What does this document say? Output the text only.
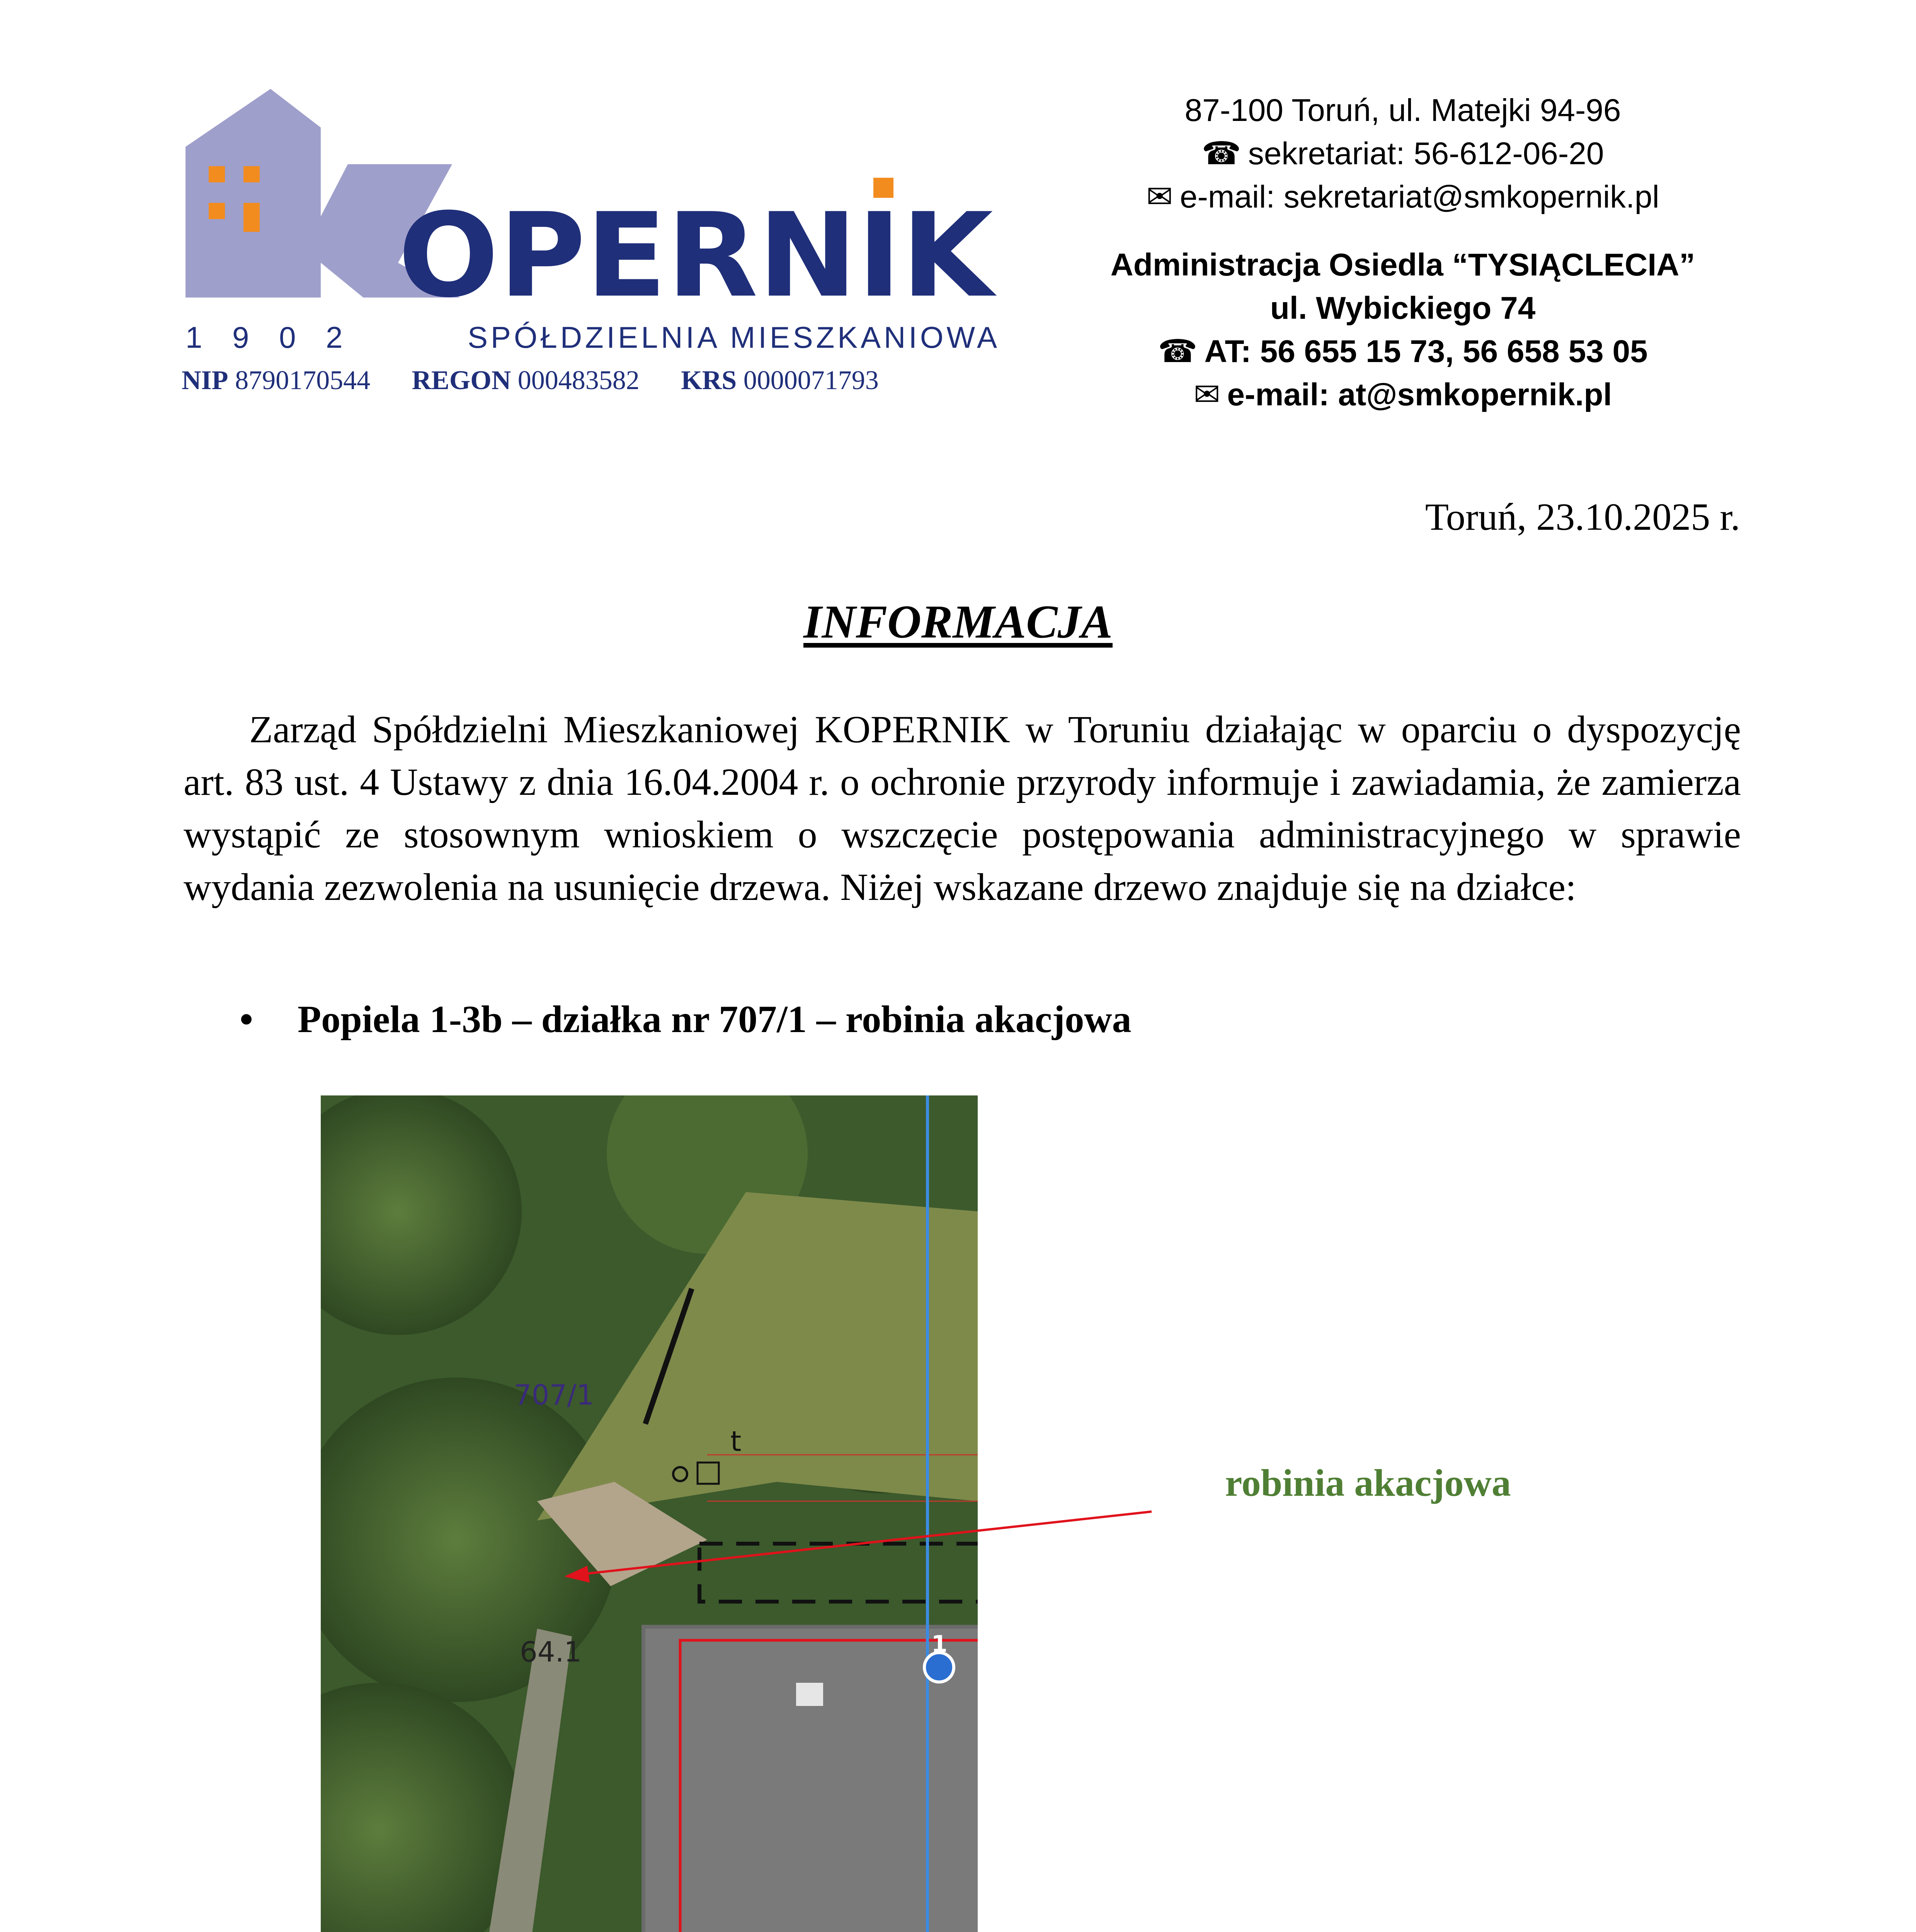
OPERNIK
1 9 0 2	SPÓŁDZIELNIA MIESZKANIOWA
NIP 8790170544 REGON 000483582 KRS 0000071793
87-100 Toruń, ul. Matejki 94-96
☎ sekretariat: 56-612-06-20
✉ e-mail: sekretariat@smkopernik.pl
Administracja Osiedla “TYSIĄCLECIA”
ul. Wybickiego 74
☎ AT: 56 655 15 73, 56 658 53 05
✉ e-mail: at@smkopernik.pl
Toruń, 23.10.2025 r.
INFORMACJA

Zarząd Spółdzielni Mieszkaniowej KOPERNIK w Toruniu działając w oparciu o dyspozycję art. 83 ust. 4 Ustawy z dnia 16.04.2004 r. o ochronie przyrody informuje i zawiadamia, że zamierza wystąpić ze stosownym wnioskiem o wszczęcie postępowania administracyjnego w sprawie wydania zezwolenia na usunięcie drzewa. Niżej wskazane drzewo znajduje się na działce:

• Popiela 1-3b – działka nr 707/1 – robinia akacjowa
1
t
707/1
64.1
robinia akacjowa
